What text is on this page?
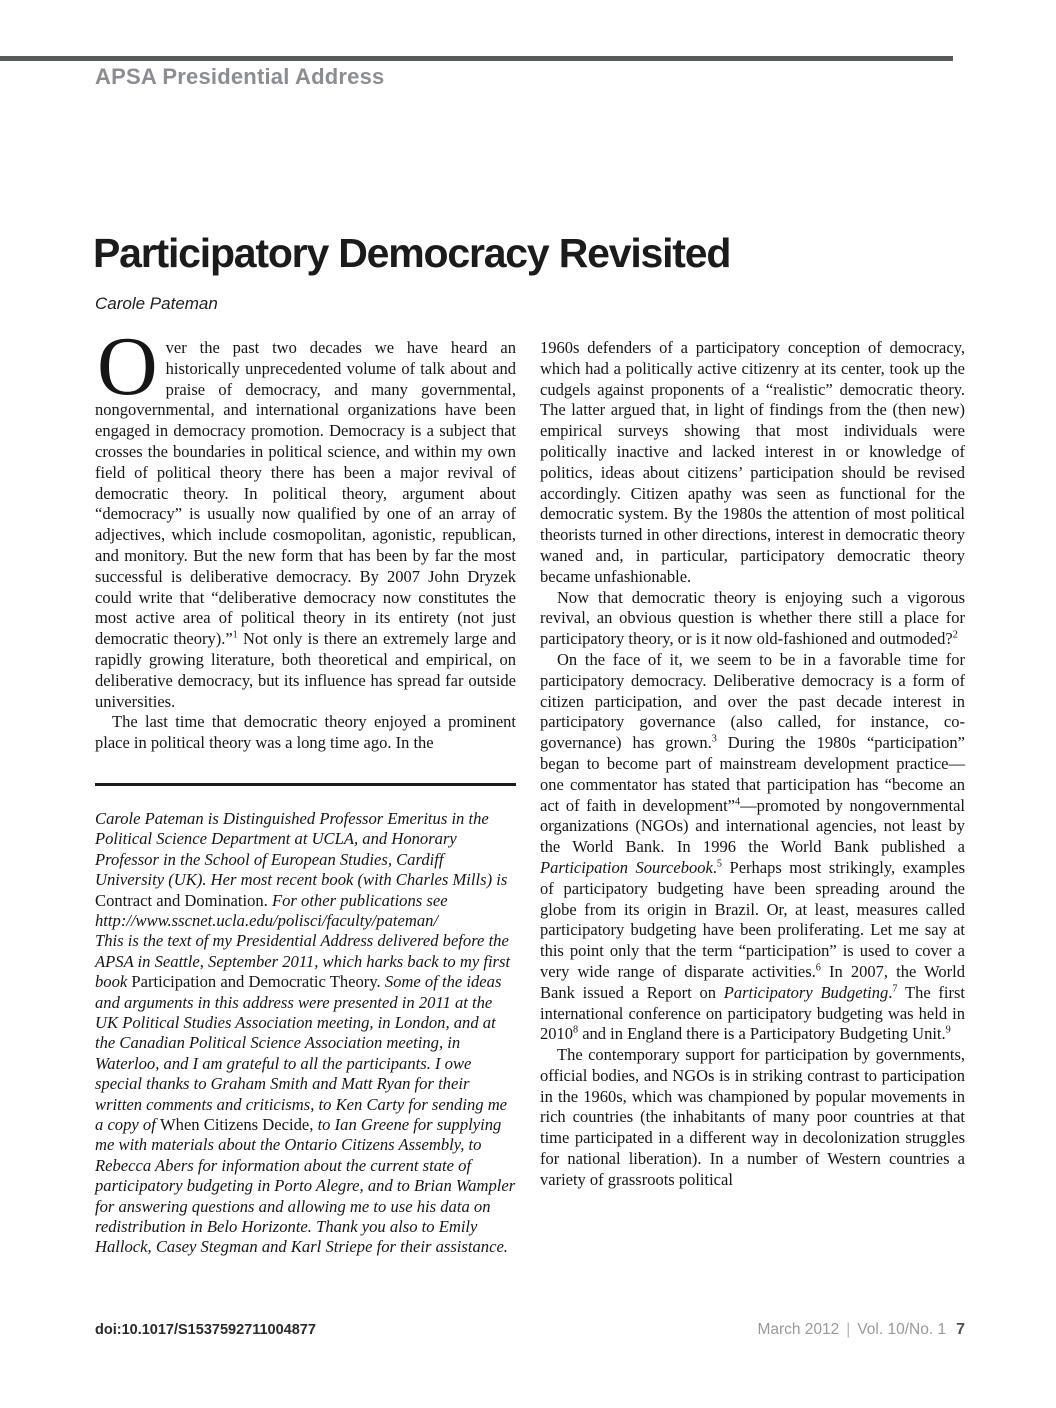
APSA Presidential Address
Participatory Democracy Revisited
Carole Pateman

Over the past two decades we have heard an historically unprecedented volume of talk about and praise of democracy, and many governmental, nongovernmental, and international organizations have been engaged in democracy promotion. Democracy is a subject that crosses the boundaries in political science, and within my own field of political theory there has been a major revival of democratic theory. In political theory, argument about “democracy” is usually now qualified by one of an array of adjectives, which include cosmopolitan, agonistic, republican, and monitory. But the new form that has been by far the most successful is deliberative democracy. By 2007 John Dryzek could write that “deliberative democracy now constitutes the most active area of political theory in its entirety (not just democratic theory).”$^1$ Not only is there an extremely large and rapidly growing literature, both theoretical and empirical, on deliberative democracy, but its influence has spread far outside universities.

The last time that democratic theory enjoyed a prominent place in political theory was a long time ago. In the

Carole Pateman is Distinguished Professor Emeritus in the Political Science Department at UCLA, and Honorary Professor in the School of European Studies, Cardiff University (UK). Her most recent book (with Charles Mills) is Contract and Domination. For other publications see http://www.sscnet.ucla.edu/polisci/faculty/pateman/
This is the text of my Presidential Address delivered before the APSA in Seattle, September 2011, which harks back to my first book Participation and Democratic Theory. Some of the ideas and arguments in this address were presented in 2011 at the UK Political Studies Association meeting, in London, and at the Canadian Political Science Association meeting, in Waterloo, and I am grateful to all the participants. I owe special thanks to Graham Smith and Matt Ryan for their written comments and criticisms, to Ken Carty for sending me a copy of When Citizens Decide, to Ian Greene for supplying me with materials about the Ontario Citizens Assembly, to Rebecca Abers for information about the current state of participatory budgeting in Porto Alegre, and to Brian Wampler for answering questions and allowing me to use his data on redistribution in Belo Horizonte. Thank you also to Emily Hallock, Casey Stegman and Karl Striepe for their assistance.

1960s defenders of a participatory conception of democracy, which had a politically active citizenry at its center, took up the cudgels against proponents of a “realistic” democratic theory. The latter argued that, in light of findings from the (then new) empirical surveys showing that most individuals were politically inactive and lacked interest in or knowledge of politics, ideas about citizens’ participation should be revised accordingly. Citizen apathy was seen as functional for the democratic system. By the 1980s the attention of most political theorists turned in other directions, interest in democratic theory waned and, in particular, participatory democratic theory became unfashionable.

Now that democratic theory is enjoying such a vigorous revival, an obvious question is whether there still a place for participatory theory, or is it now old-fashioned and outmoded?$^2$

On the face of it, we seem to be in a favorable time for participatory democracy. Deliberative democracy is a form of citizen participation, and over the past decade interest in participatory governance (also called, for instance, co-governance) has grown.$^3$ During the 1980s “participation” began to become part of mainstream development practice—one commentator has stated that participation has “become an act of faith in development”$^4$—promoted by nongovernmental organizations (NGOs) and international agencies, not least by the World Bank. In 1996 the World Bank published a Participation Sourcebook.$^5$ Perhaps most strikingly, examples of participatory budgeting have been spreading around the globe from its origin in Brazil. Or, at least, measures called participatory budgeting have been proliferating. Let me say at this point only that the term “participation” is used to cover a very wide range of disparate activities.$^6$ In 2007, the World Bank issued a Report on Participatory Budgeting.$^7$ The first international conference on participatory budgeting was held in 2010$^8$ and in England there is a Participatory Budgeting Unit.$^9$

The contemporary support for participation by governments, official bodies, and NGOs is in striking contrast to participation in the 1960s, which was championed by popular movements in rich countries (the inhabitants of many poor countries at that time participated in a different way in decolonization struggles for national liberation). In a number of Western countries a variety of grassroots political

doi:10.1017/S1537592711004877	March 2012 | Vol. 10/No. 1 7
